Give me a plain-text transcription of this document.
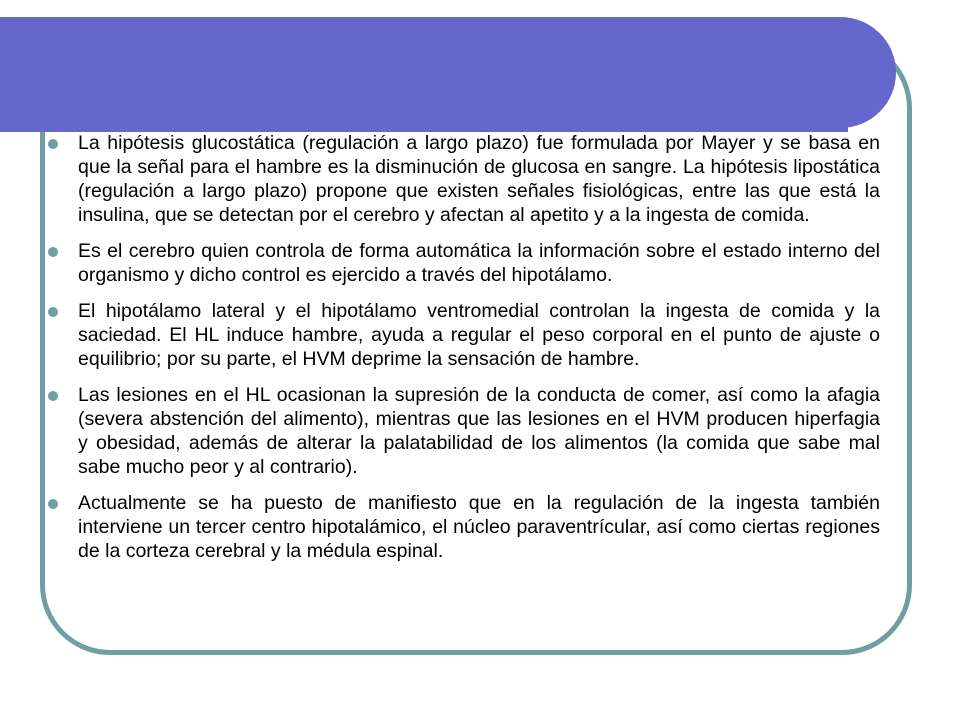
La hipótesis glucostática (regulación a largo plazo) fue formulada por Mayer y se basa en que la señal para el hambre es la disminución de glucosa en sangre. La hipótesis lipostática (regulación a largo plazo) propone que existen señales fisiológicas, entre las que está la insulina, que se detectan por el cerebro y afectan al apetito y a la ingesta de comida.
Es el cerebro quien controla de forma automática la información sobre el estado interno del organismo y dicho control es ejercido a través del hipotálamo.
El hipotálamo lateral y el hipotálamo ventromedial controlan la ingesta de comida y la saciedad. El HL induce hambre, ayuda a regular el peso corporal en el punto de ajuste o equilibrio; por su parte, el HVM deprime la sensación de hambre.
Las lesiones en el HL ocasionan la supresión de la conducta de comer, así como la afagia (severa abstención del alimento), mientras que las lesiones en el HVM producen hiperfagia y obesidad, además de alterar la palatabilidad de los alimentos (la comida que sabe mal sabe mucho peor y al contrario).
Actualmente se ha puesto de manifiesto que en la regulación de la ingesta también interviene un tercer centro hipotalámico, el núcleo paraventrícular, así como ciertas regiones de la corteza cerebral y la médula espinal.
